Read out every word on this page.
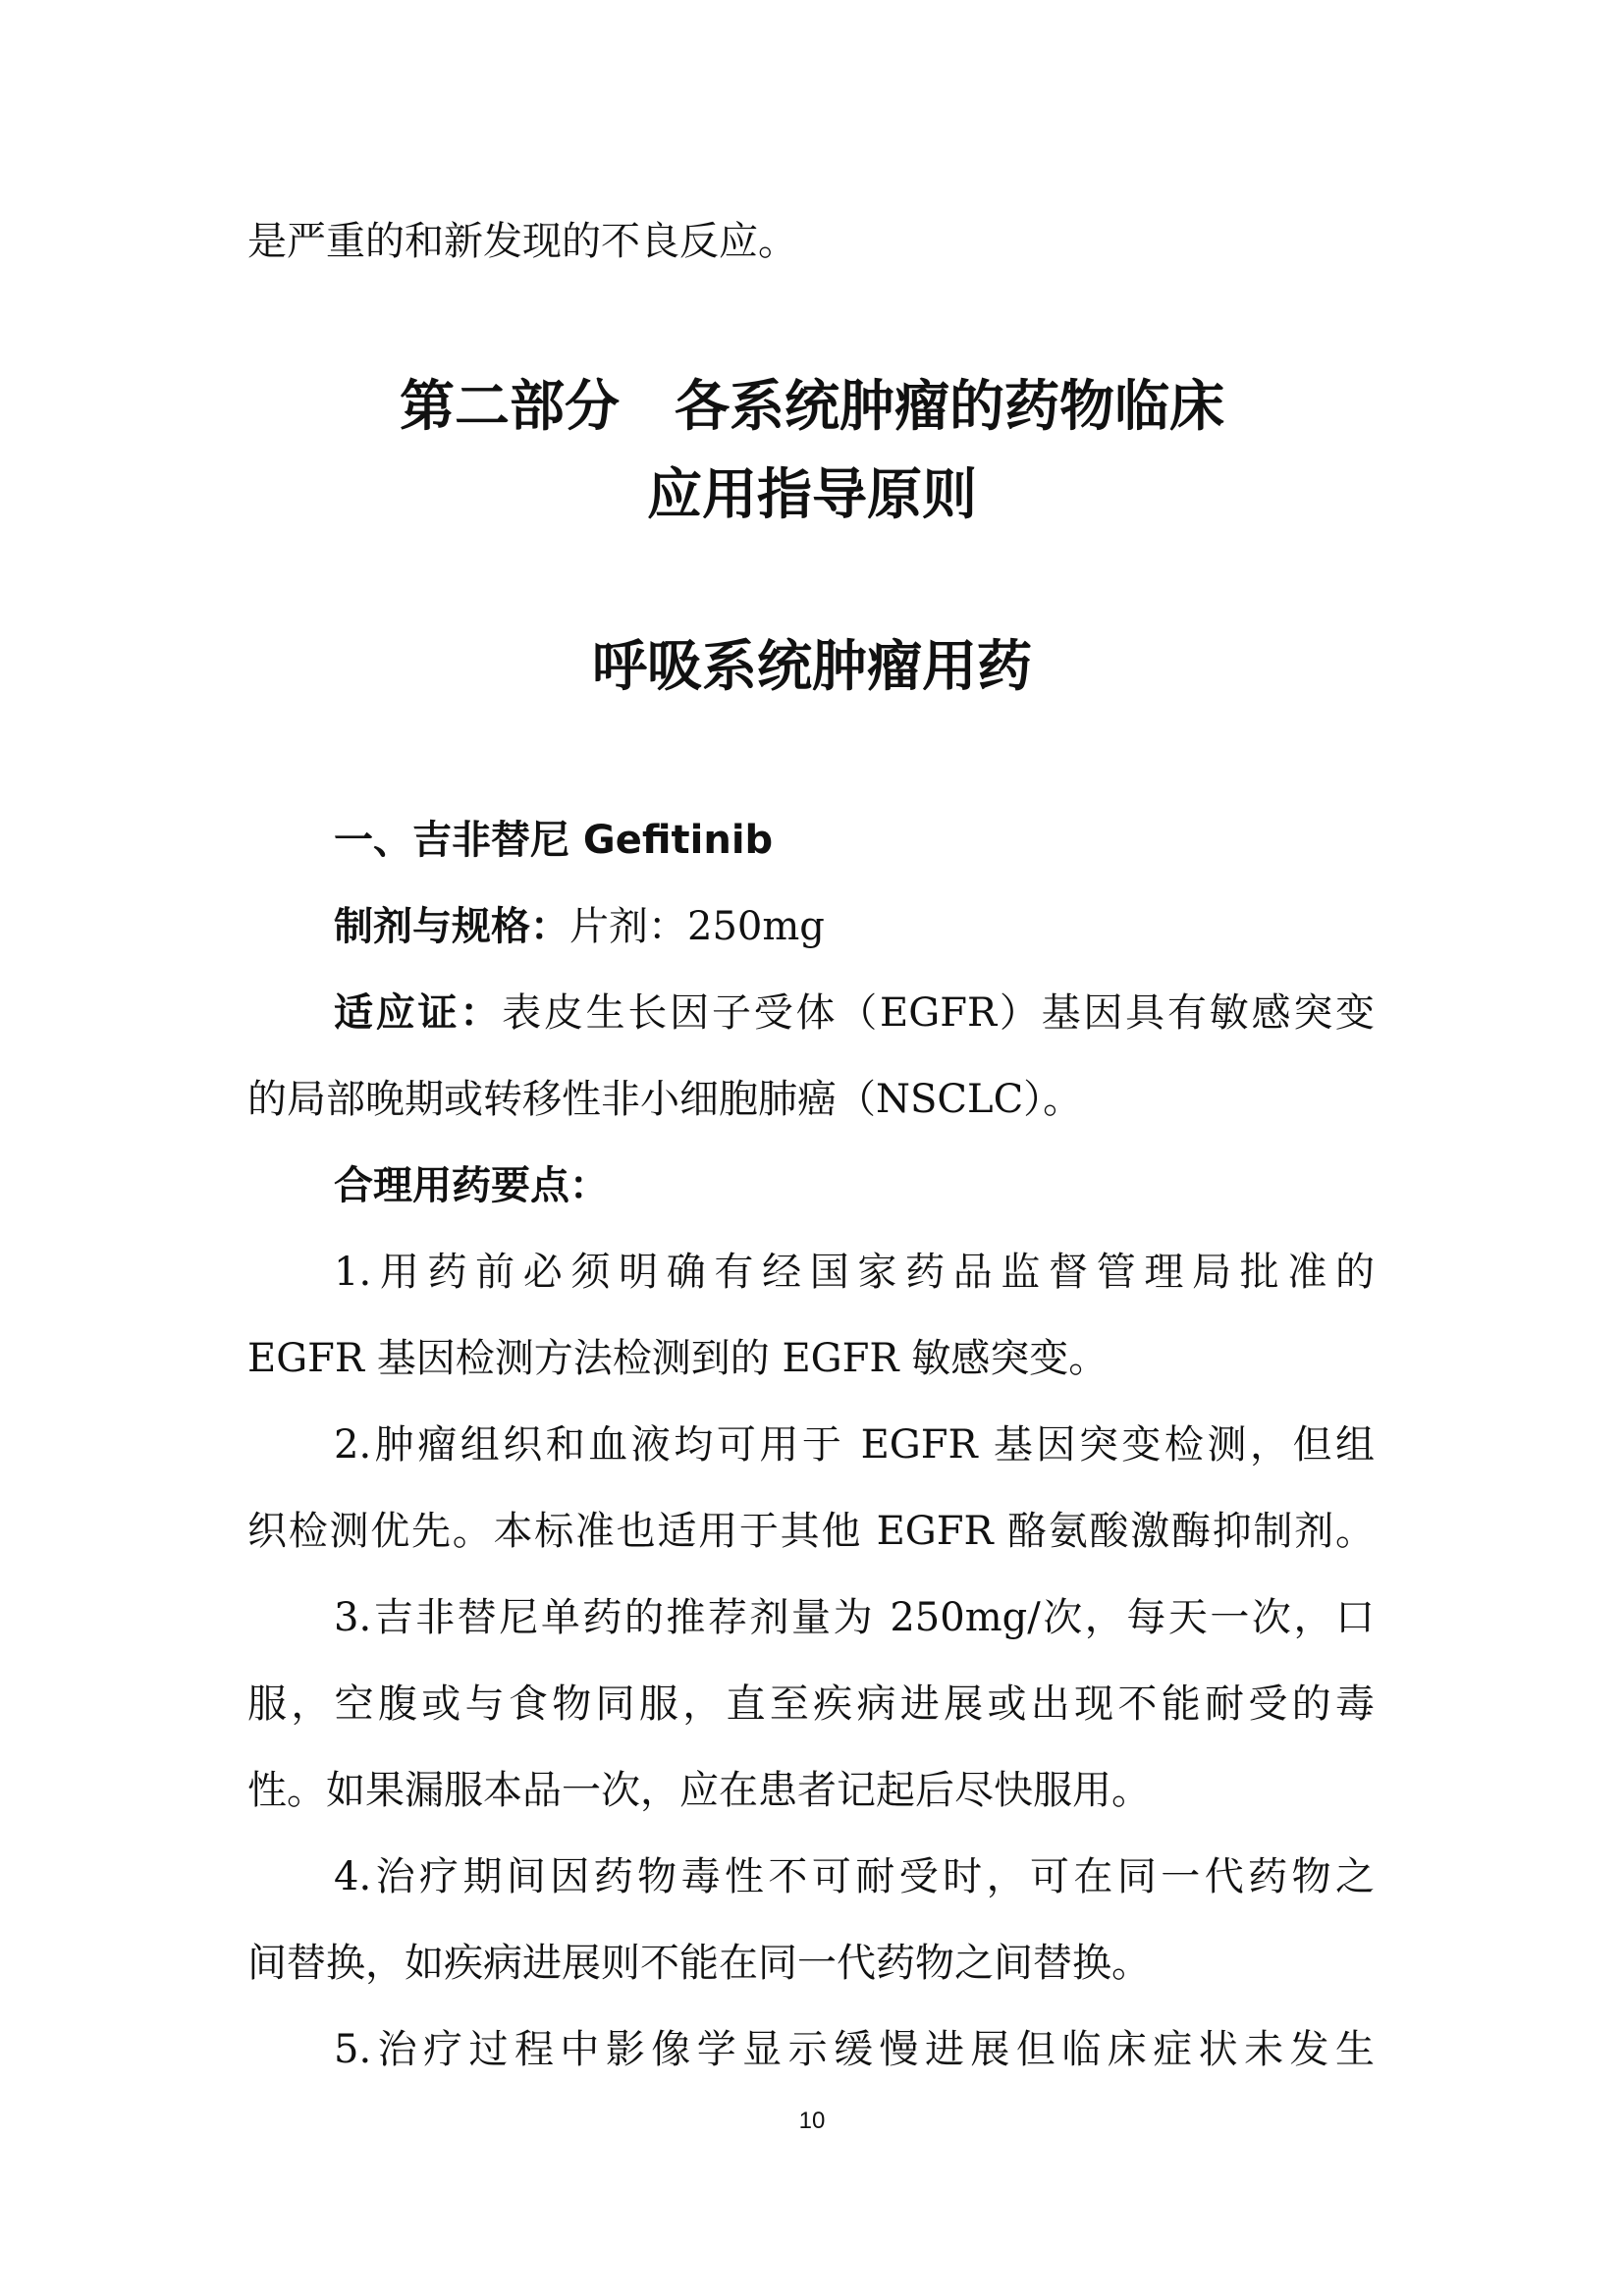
是严重的和新发现的不良反应。
第二部分　各系统肿瘤的药物临床
应用指导原则
呼吸系统肿瘤用药
一、吉非替尼 Gefitinib
制剂与规格：片剂：250mg
适应证：表皮生长因子受体（EGFR）基因具有敏感突变
的局部晚期或转移性非小细胞肺癌（NSCLC）。
合理用药要点：
1.用药前必须明确有经国家药品监督管理局批准的
EGFR 基因检测方法检测到的 EGFR 敏感突变。
2.肿瘤组织和血液均可用于 EGFR 基因突变检测，但组
织检测优先。本标准也适用于其他 EGFR 酪氨酸激酶抑制剂。
3.吉非替尼单药的推荐剂量为 250mg/次，每天一次，口
服，空腹或与食物同服，直至疾病进展或出现不能耐受的毒
性。如果漏服本品一次，应在患者记起后尽快服用。
4.治疗期间因药物毒性不可耐受时，可在同一代药物之
间替换，如疾病进展则不能在同一代药物之间替换。
5.治疗过程中影像学显示缓慢进展但临床症状未发生
10
